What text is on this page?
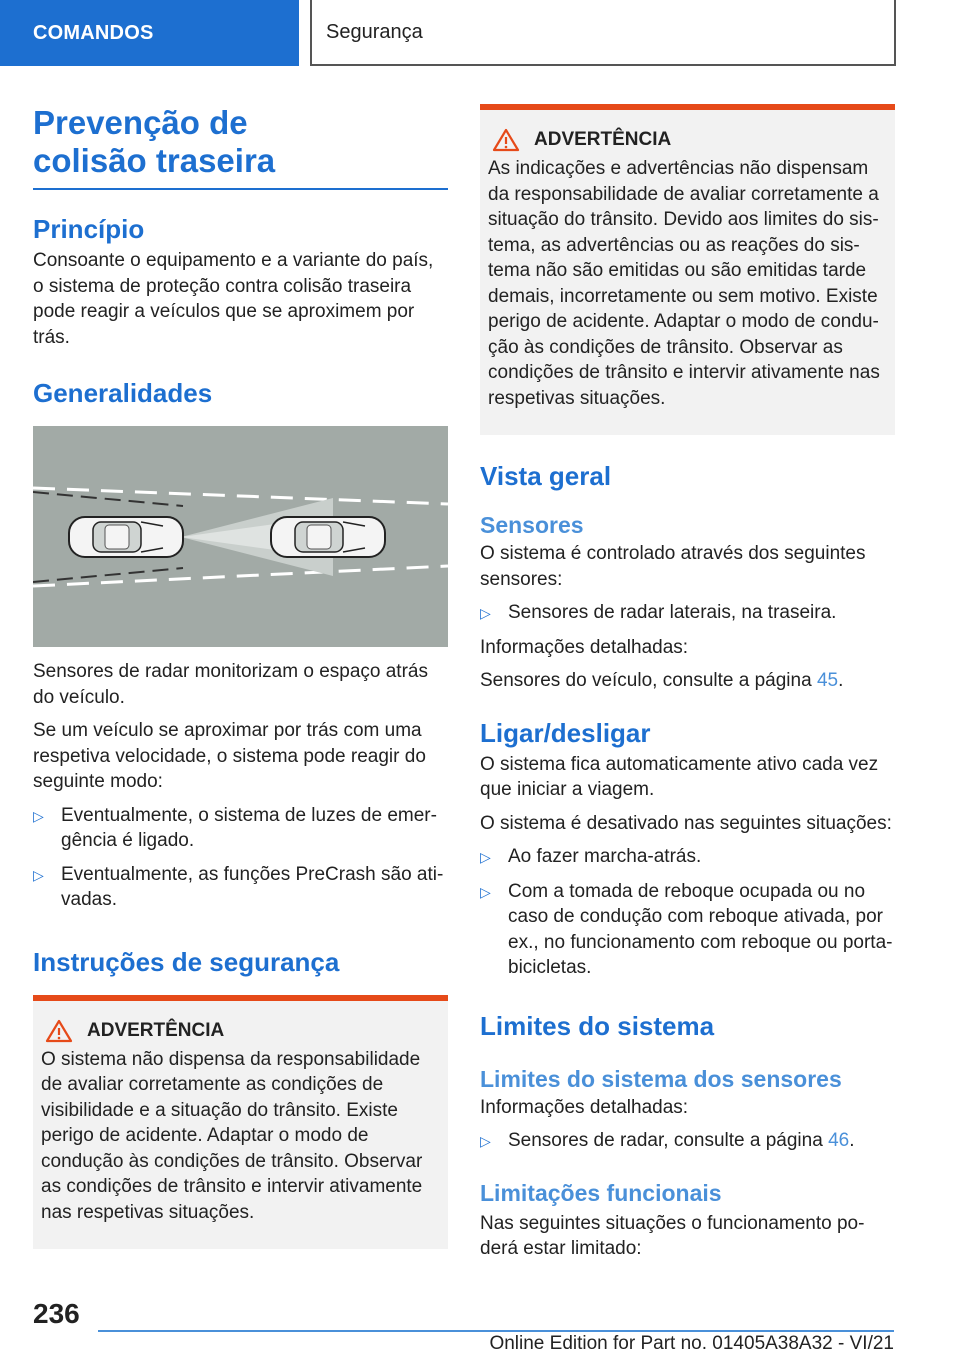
COMANDOS	Segurança
Prevenção de colisão traseira
Princípio

Consoante o equipamento e a variante do país, o sistema de proteção contra colisão traseira pode reagir a veículos que se aproximem por trás.

Generalidades

Sensores de radar monitorizam o espaço atrás do veículo.

Se um veículo se aproximar por trás com uma respetiva velocidade, o sistema pode reagir do seguinte modo:

▷ Eventualmente, o sistema de luzes de emergência é ligado.
▷ Eventualmente, as funções PreCrash são ativadas.
Instruções de segurança
ADVERTÊNCIA

O sistema não dispensa da responsabilidade de avaliar corretamente as condições de visibilidade e a situação do trânsito. Existe perigo de acidente. Adaptar o modo de condução às condições de trânsito. Observar as condições de trânsito e intervir ativamente nas respetivas situações.

ADVERTÊNCIA

As indicações e advertências não dispensam da responsabilidade de avaliar corretamente a situação do trânsito. Devido aos limites do sistema, as advertências ou as reações do sistema não são emitidas ou são emitidas tarde demais, incorretamente ou sem motivo. Existe perigo de acidente. Adaptar o modo de condução às condições de trânsito. Observar as condições de trânsito e intervir ativamente nas respetivas situações.

Vista geral
Sensores

O sistema é controlado através dos seguintes sensores:

▷ Sensores de radar laterais, na traseira.

Informações detalhadas:

Sensores do veículo, consulte a página 45.

Ligar/desligar

O sistema fica automaticamente ativo cada vez que iniciar a viagem.

O sistema é desativado nas seguintes situações:

▷ Ao fazer marcha-atrás.
▷ Com a tomada de reboque ocupada ou no caso de condução com reboque ativada, por ex., no funcionamento com reboque ou porta-bicicletas.
Limites do sistema
Limites do sistema dos sensores

Informações detalhadas:

▷ Sensores de radar, consulte a página 46.
Limitações funcionais

Nas seguintes situações o funcionamento poderá estar limitado:

236
Online Edition for Part no. 01405A38A32 - VI/21
